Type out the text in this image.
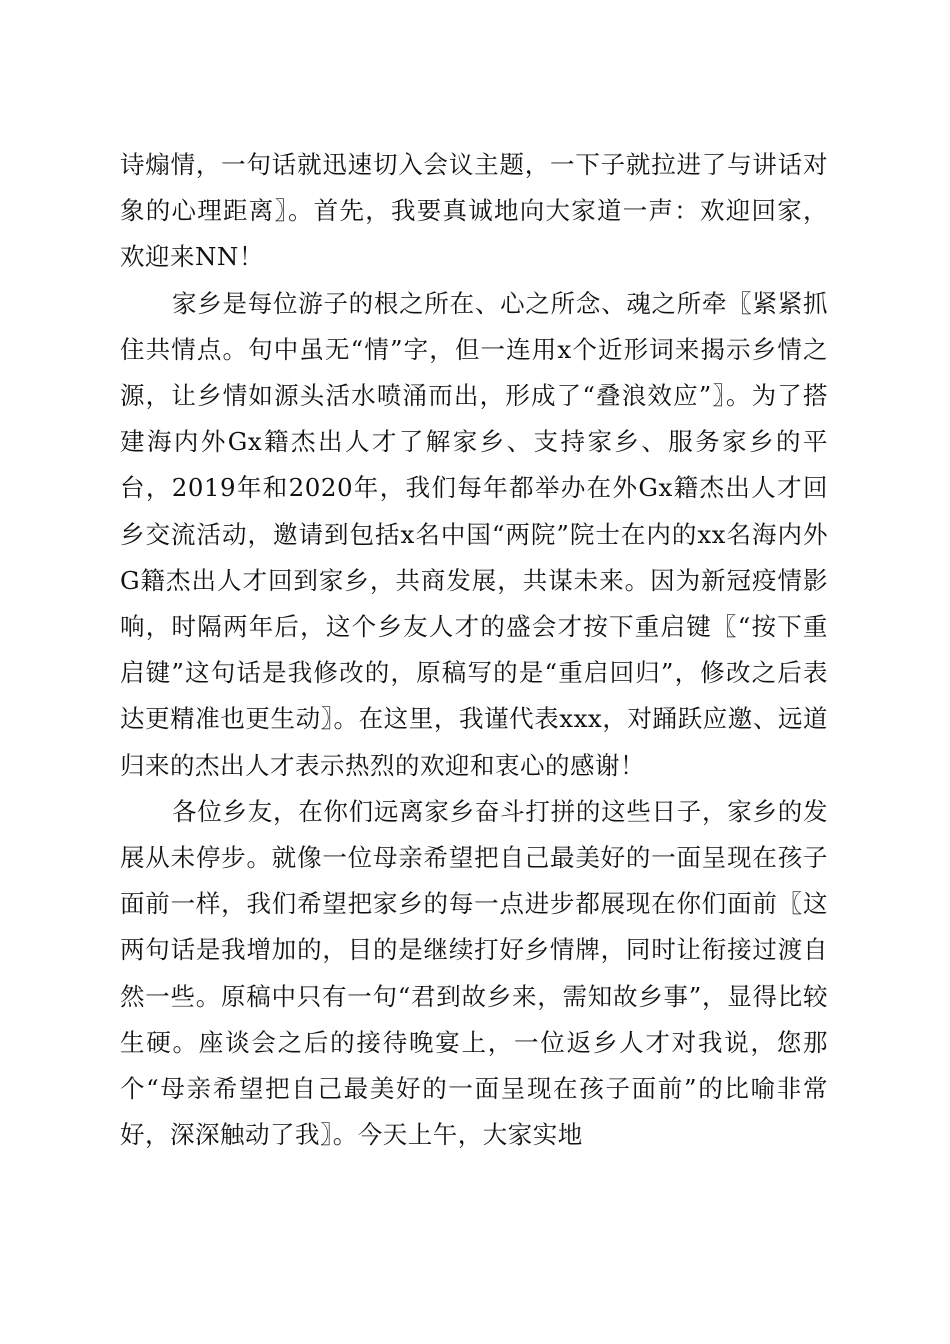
诗煽情，一句话就迅速切入会议主题，一下子就拉进了与讲话对象的心理距离〗。首先，我要真诚地向大家道一声：欢迎回家，欢迎来NN！

家乡是每位游子的根之所在、心之所念、魂之所牵〖紧紧抓住共情点。句中虽无“情”字，但一连用x个近形词来揭示乡情之源，让乡情如源头活水喷涌而出，形成了“叠浪效应”〗。为了搭建海内外Gx籍杰出人才了解家乡、支持家乡、服务家乡的平台，2019年和2020年，我们每年都举办在外Gx籍杰出人才回乡交流活动，邀请到包括x名中国“两院”院士在内的xx名海内外G籍杰出人才回到家乡，共商发展，共谋未来。因为新冠疫情影响，时隔两年后，这个乡友人才的盛会才按下重启键〖“按下重启键”这句话是我修改的，原稿写的是“重启回归”，修改之后表达更精准也更生动〗。在这里，我谨代表xxx，对踊跃应邀、远道归来的杰出人才表示热烈的欢迎和衷心的感谢！

各位乡友，在你们远离家乡奋斗打拼的这些日子，家乡的发展从未停步。就像一位母亲希望把自己最美好的一面呈现在孩子面前一样，我们希望把家乡的每一点进步都展现在你们面前〖这两句话是我增加的，目的是继续打好乡情牌，同时让衔接过渡自然一些。原稿中只有一句“君到故乡来，需知故乡事”，显得比较生硬。座谈会之后的接待晚宴上，一位返乡人才对我说，您那个“母亲希望把自己最美好的一面呈现在孩子面前”的比喻非常好，深深触动了我〗。今天上午，大家实地
